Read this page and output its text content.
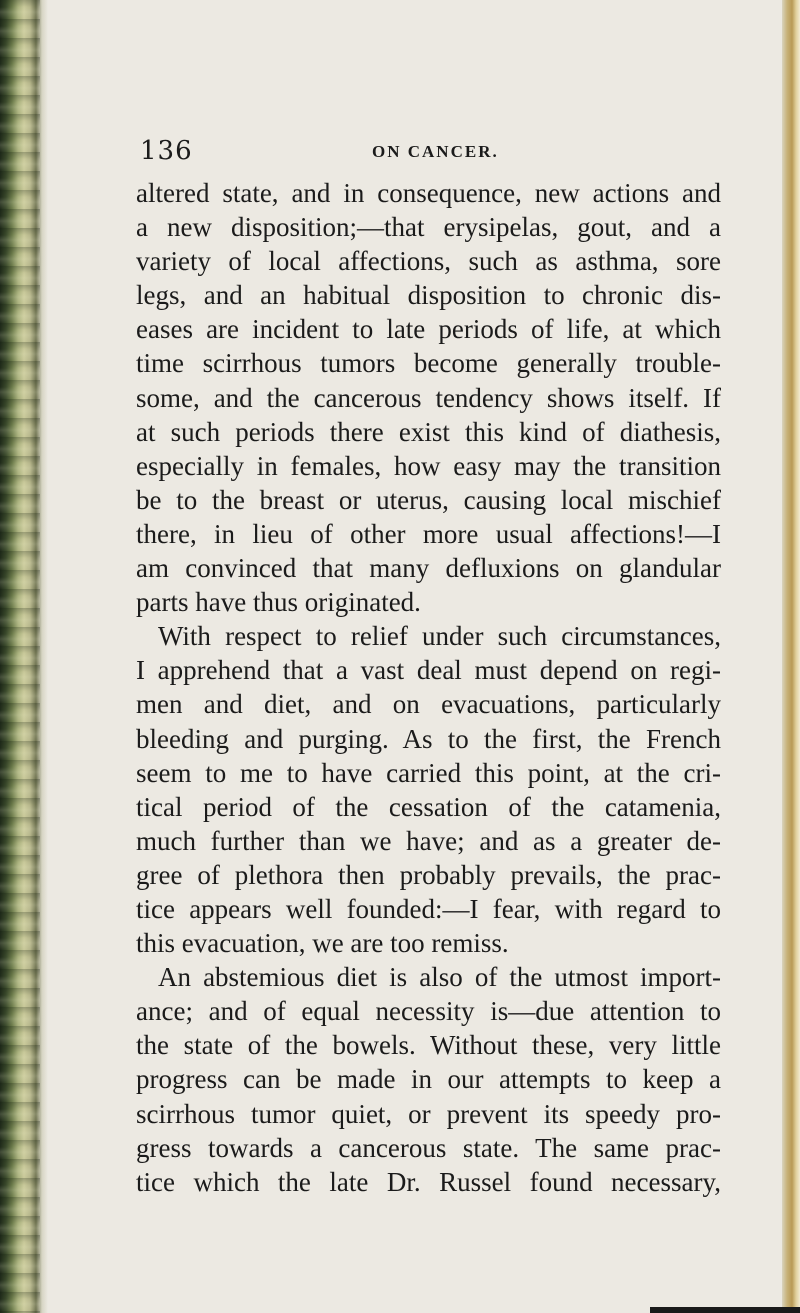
136	ON CANCER.
altered state, and in consequence, new actions and
a new disposition;—that erysipelas, gout, and a
variety of local affections, such as asthma, sore
legs, and an habitual disposition to chronic dis-
eases are incident to late periods of life, at which
time scirrhous tumors become generally trouble-
some, and the cancerous tendency shows itself. If
at such periods there exist this kind of diathesis,
especially in females, how easy may the transition
be to the breast or uterus, causing local mischief
there, in lieu of other more usual affections!—I
am convinced that many defluxions on glandular
parts have thus originated.
With respect to relief under such circumstances,
I apprehend that a vast deal must depend on regi-
men and diet, and on evacuations, particularly
bleeding and purging. As to the first, the French
seem to me to have carried this point, at the cri-
tical period of the cessation of the catamenia,
much further than we have; and as a greater de-
gree of plethora then probably prevails, the prac-
tice appears well founded:—I fear, with regard to
this evacuation, we are too remiss.
An abstemious diet is also of the utmost import-
ance; and of equal necessity is—due attention to
the state of the bowels. Without these, very little
progress can be made in our attempts to keep a
scirrhous tumor quiet, or prevent its speedy pro-
gress towards a cancerous state. The same prac-
tice which the late Dr. Russel found necessary,
